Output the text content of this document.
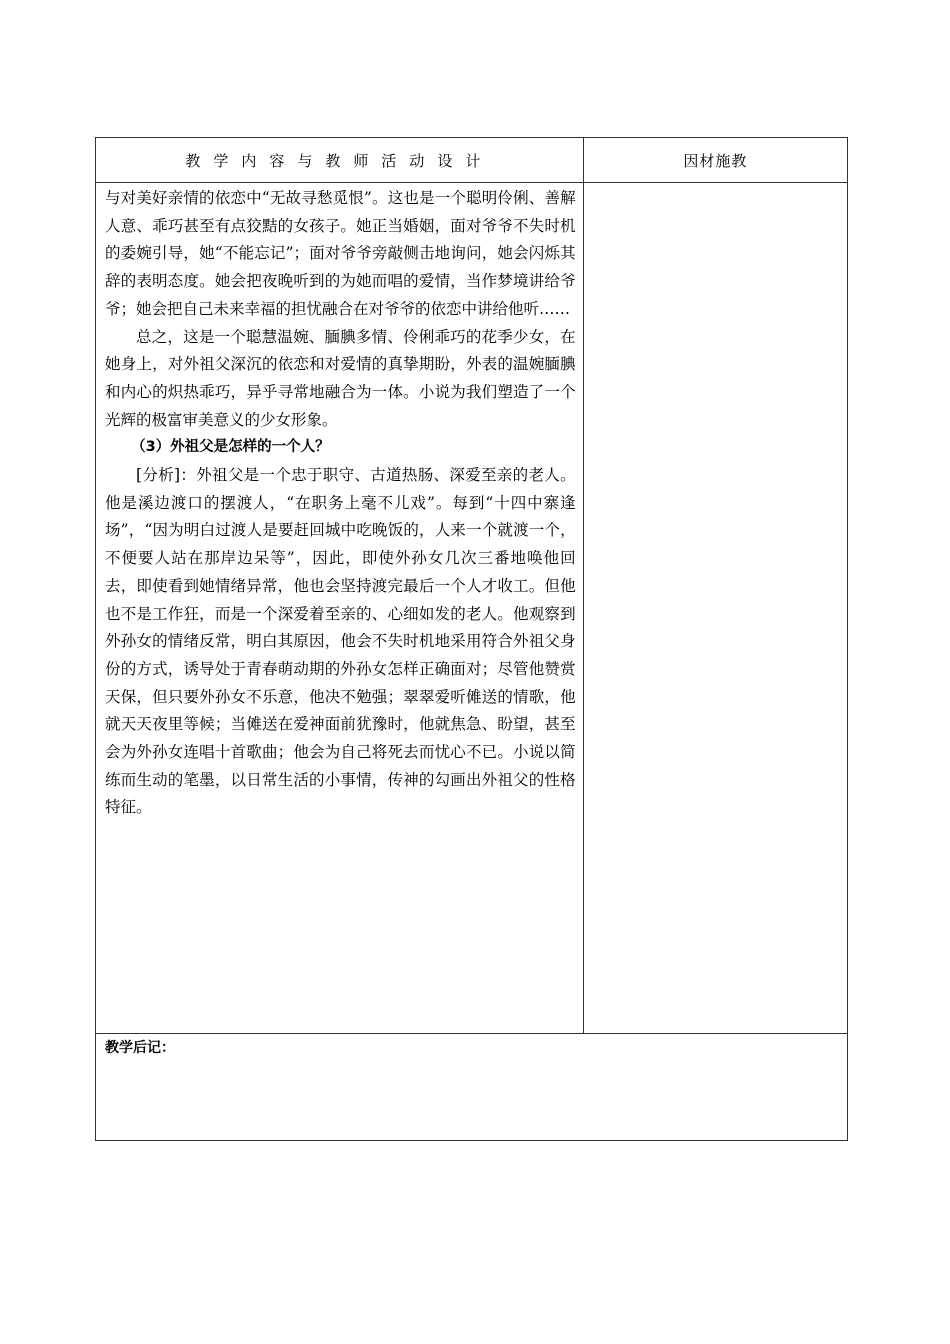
教学内容与教师活动设计	因材施教

与对美好亲情的依恋中“无故寻愁觅恨”。这也是一个聪明伶俐、善解人意、乖巧甚至有点狡黠的女孩子。她正当婚姻，面对爷爷不失时机的委婉引导，她“不能忘记”；面对爷爷旁敲侧击地询问，她会闪烁其辞的表明态度。她会把夜晚听到的为她而唱的爱情，当作梦境讲给爷爷；她会把自己未来幸福的担忧融合在对爷爷的依恋中讲给他听……

总之，这是一个聪慧温婉、腼腆多情、伶俐乖巧的花季少女，在她身上，对外祖父深沉的依恋和对爱情的真挚期盼，外表的温婉腼腆和内心的炽热乖巧，异乎寻常地融合为一体。小说为我们塑造了一个光辉的极富审美意义的少女形象。

（3）外祖父是怎样的一个人？

[分析]：外祖父是一个忠于职守、古道热肠、深爱至亲的老人。他是溪边渡口的摆渡人，“在职务上毫不儿戏”。每到“十四中寨逢场”，“因为明白过渡人是要赶回城中吃晚饭的，人来一个就渡一个，不便要人站在那岸边呆等”，因此，即使外孙女几次三番地唤他回去，即使看到她情绪异常，他也会坚持渡完最后一个人才收工。但他也不是工作狂，而是一个深爱着至亲的、心细如发的老人。他观察到外孙女的情绪反常，明白其原因，他会不失时机地采用符合外祖父身份的方式，诱导处于青春萌动期的外孙女怎样正确面对；尽管他赞赏天保，但只要外孙女不乐意，他决不勉强；翠翠爱听傩送的情歌，他就天天夜里等候；当傩送在爱神面前犹豫时，他就焦急、盼望，甚至会为外孙女连唱十首歌曲；他会为自己将死去而忧心不已。小说以简练而生动的笔墨，以日常生活的小事情，传神的勾画出外祖父的性格特征。	

教学后记：	
